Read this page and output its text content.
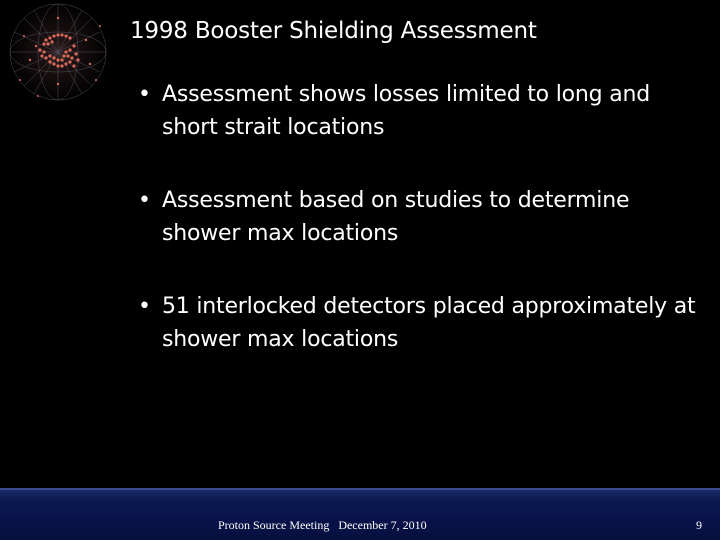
1998 Booster Shielding Assessment
• Assessment shows losses limited to long and short strait locations
• Assessment based on studies to determine shower max locations
• 51 interlocked detectors placed approximately at shower max locations
Proton Source Meeting   December 7, 2010	9
